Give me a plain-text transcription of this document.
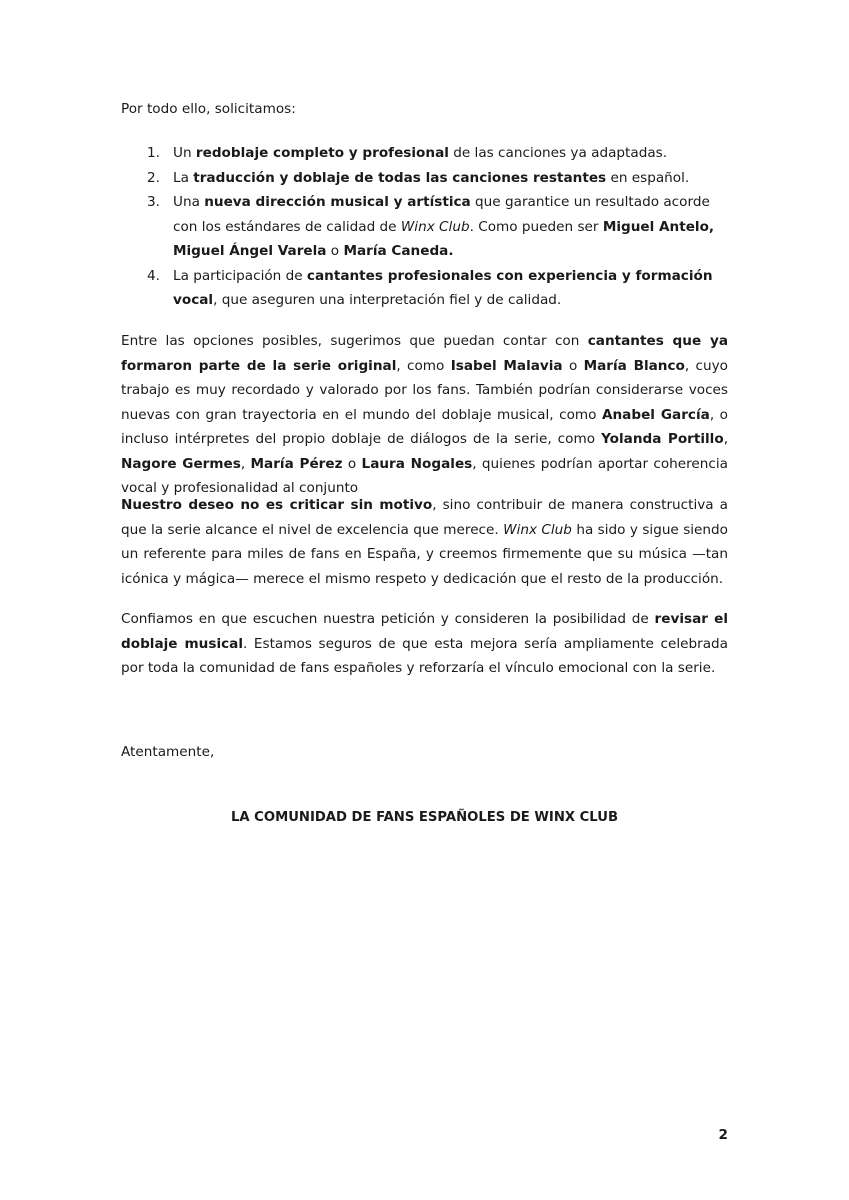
Por todo ello, solicitamos:
1. Un redoblaje completo y profesional de las canciones ya adaptadas.
2. La traducción y doblaje de todas las canciones restantes en español.
3. Una nueva dirección musical y artística que garantice un resultado acorde con los estándares de calidad de Winx Club. Como pueden ser Miguel Antelo, Miguel Ángel Varela o María Caneda.
4. La participación de cantantes profesionales con experiencia y formación vocal, que aseguren una interpretación fiel y de calidad.
Entre las opciones posibles, sugerimos que puedan contar con cantantes que ya formaron parte de la serie original, como Isabel Malavia o María Blanco, cuyo trabajo es muy recordado y valorado por los fans. También podrían considerarse voces nuevas con gran trayectoria en el mundo del doblaje musical, como Anabel García, o incluso intérpretes del propio doblaje de diálogos de la serie, como Yolanda Portillo, Nagore Germes, María Pérez o Laura Nogales, quienes podrían aportar coherencia vocal y profesionalidad al conjunto
Nuestro deseo no es criticar sin motivo, sino contribuir de manera constructiva a que la serie alcance el nivel de excelencia que merece. Winx Club ha sido y sigue siendo un referente para miles de fans en España, y creemos firmemente que su música —tan icónica y mágica— merece el mismo respeto y dedicación que el resto de la producción.
Confiamos en que escuchen nuestra petición y consideren la posibilidad de revisar el doblaje musical. Estamos seguros de que esta mejora sería ampliamente celebrada por toda la comunidad de fans españoles y reforzaría el vínculo emocional con la serie.
Atentamente,
LA COMUNIDAD DE FANS ESPAÑOLES DE WINX CLUB
2
